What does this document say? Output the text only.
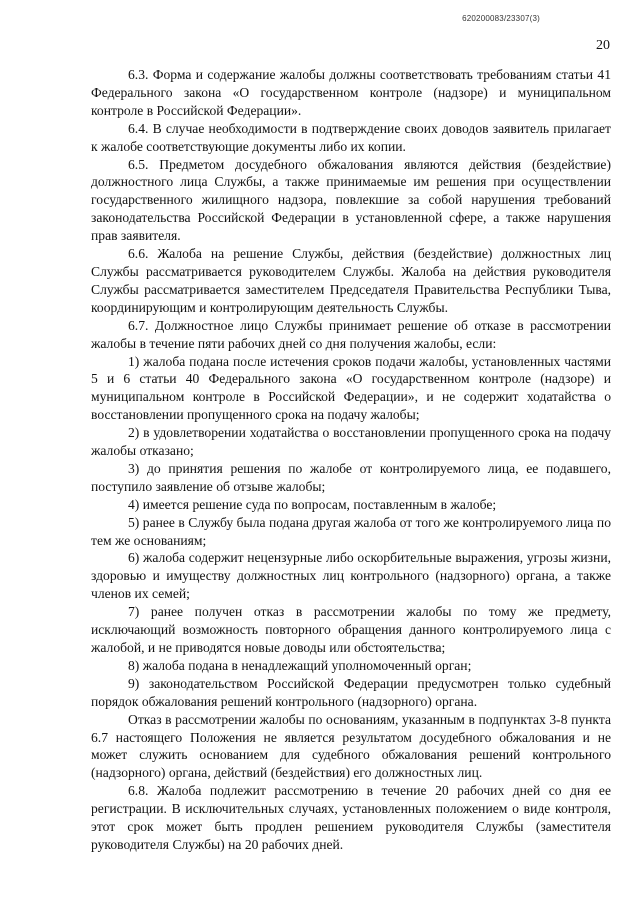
620200083/23307(3)
20

6.3. Форма и содержание жалобы должны соответствовать требованиям статьи 41 Федерального закона «О государственном контроле (надзоре) и муниципальном контроле в Российской Федерации».

6.4. В случае необходимости в подтверждение своих доводов заявитель прилагает к жалобе соответствующие документы либо их копии.

6.5. Предметом досудебного обжалования являются действия (бездействие) должностного лица Службы, а также принимаемые им решения при осуществлении государственного жилищного надзора, повлекшие за собой нарушения требований законодательства Российской Федерации в установленной сфере, а также нарушения прав заявителя.

6.6. Жалоба на решение Службы, действия (бездействие) должностных лиц Службы рассматривается руководителем Службы. Жалоба на действия руководителя Службы рассматривается заместителем Председателя Правительства Республики Тыва, координирующим и контролирующим деятельность Службы.

6.7. Должностное лицо Службы принимает решение об отказе в рассмотрении жалобы в течение пяти рабочих дней со дня получения жалобы, если:

1) жалоба подана после истечения сроков подачи жалобы, установленных частями 5 и 6 статьи 40 Федерального закона «О государственном контроле (надзоре) и муниципальном контроле в Российской Федерации», и не содержит ходатайства о восстановлении пропущенного срока на подачу жалобы;

2) в удовлетворении ходатайства о восстановлении пропущенного срока на подачу жалобы отказано;

3) до принятия решения по жалобе от контролируемого лица, ее подавшего, поступило заявление об отзыве жалобы;

4) имеется решение суда по вопросам, поставленным в жалобе;

5) ранее в Службу была подана другая жалоба от того же контролируемого лица по тем же основаниям;

6) жалоба содержит нецензурные либо оскорбительные выражения, угрозы жизни, здоровью и имуществу должностных лиц контрольного (надзорного) органа, а также членов их семей;

7) ранее получен отказ в рассмотрении жалобы по тому же предмету, исключающий возможность повторного обращения данного контролируемого лица с жалобой, и не приводятся новые доводы или обстоятельства;

8) жалоба подана в ненадлежащий уполномоченный орган;

9) законодательством Российской Федерации предусмотрен только судебный порядок обжалования решений контрольного (надзорного) органа.

Отказ в рассмотрении жалобы по основаниям, указанным в подпунктах 3-8 пункта 6.7 настоящего Положения не является результатом досудебного обжалования и не может служить основанием для судебного обжалования решений контрольного (надзорного) органа, действий (бездействия) его должностных лиц.

6.8. Жалоба подлежит рассмотрению в течение 20 рабочих дней со дня ее регистрации. В исключительных случаях, установленных положением о виде контроля, этот срок может быть продлен решением руководителя Службы (заместителя руководителя Службы) на 20 рабочих дней.
